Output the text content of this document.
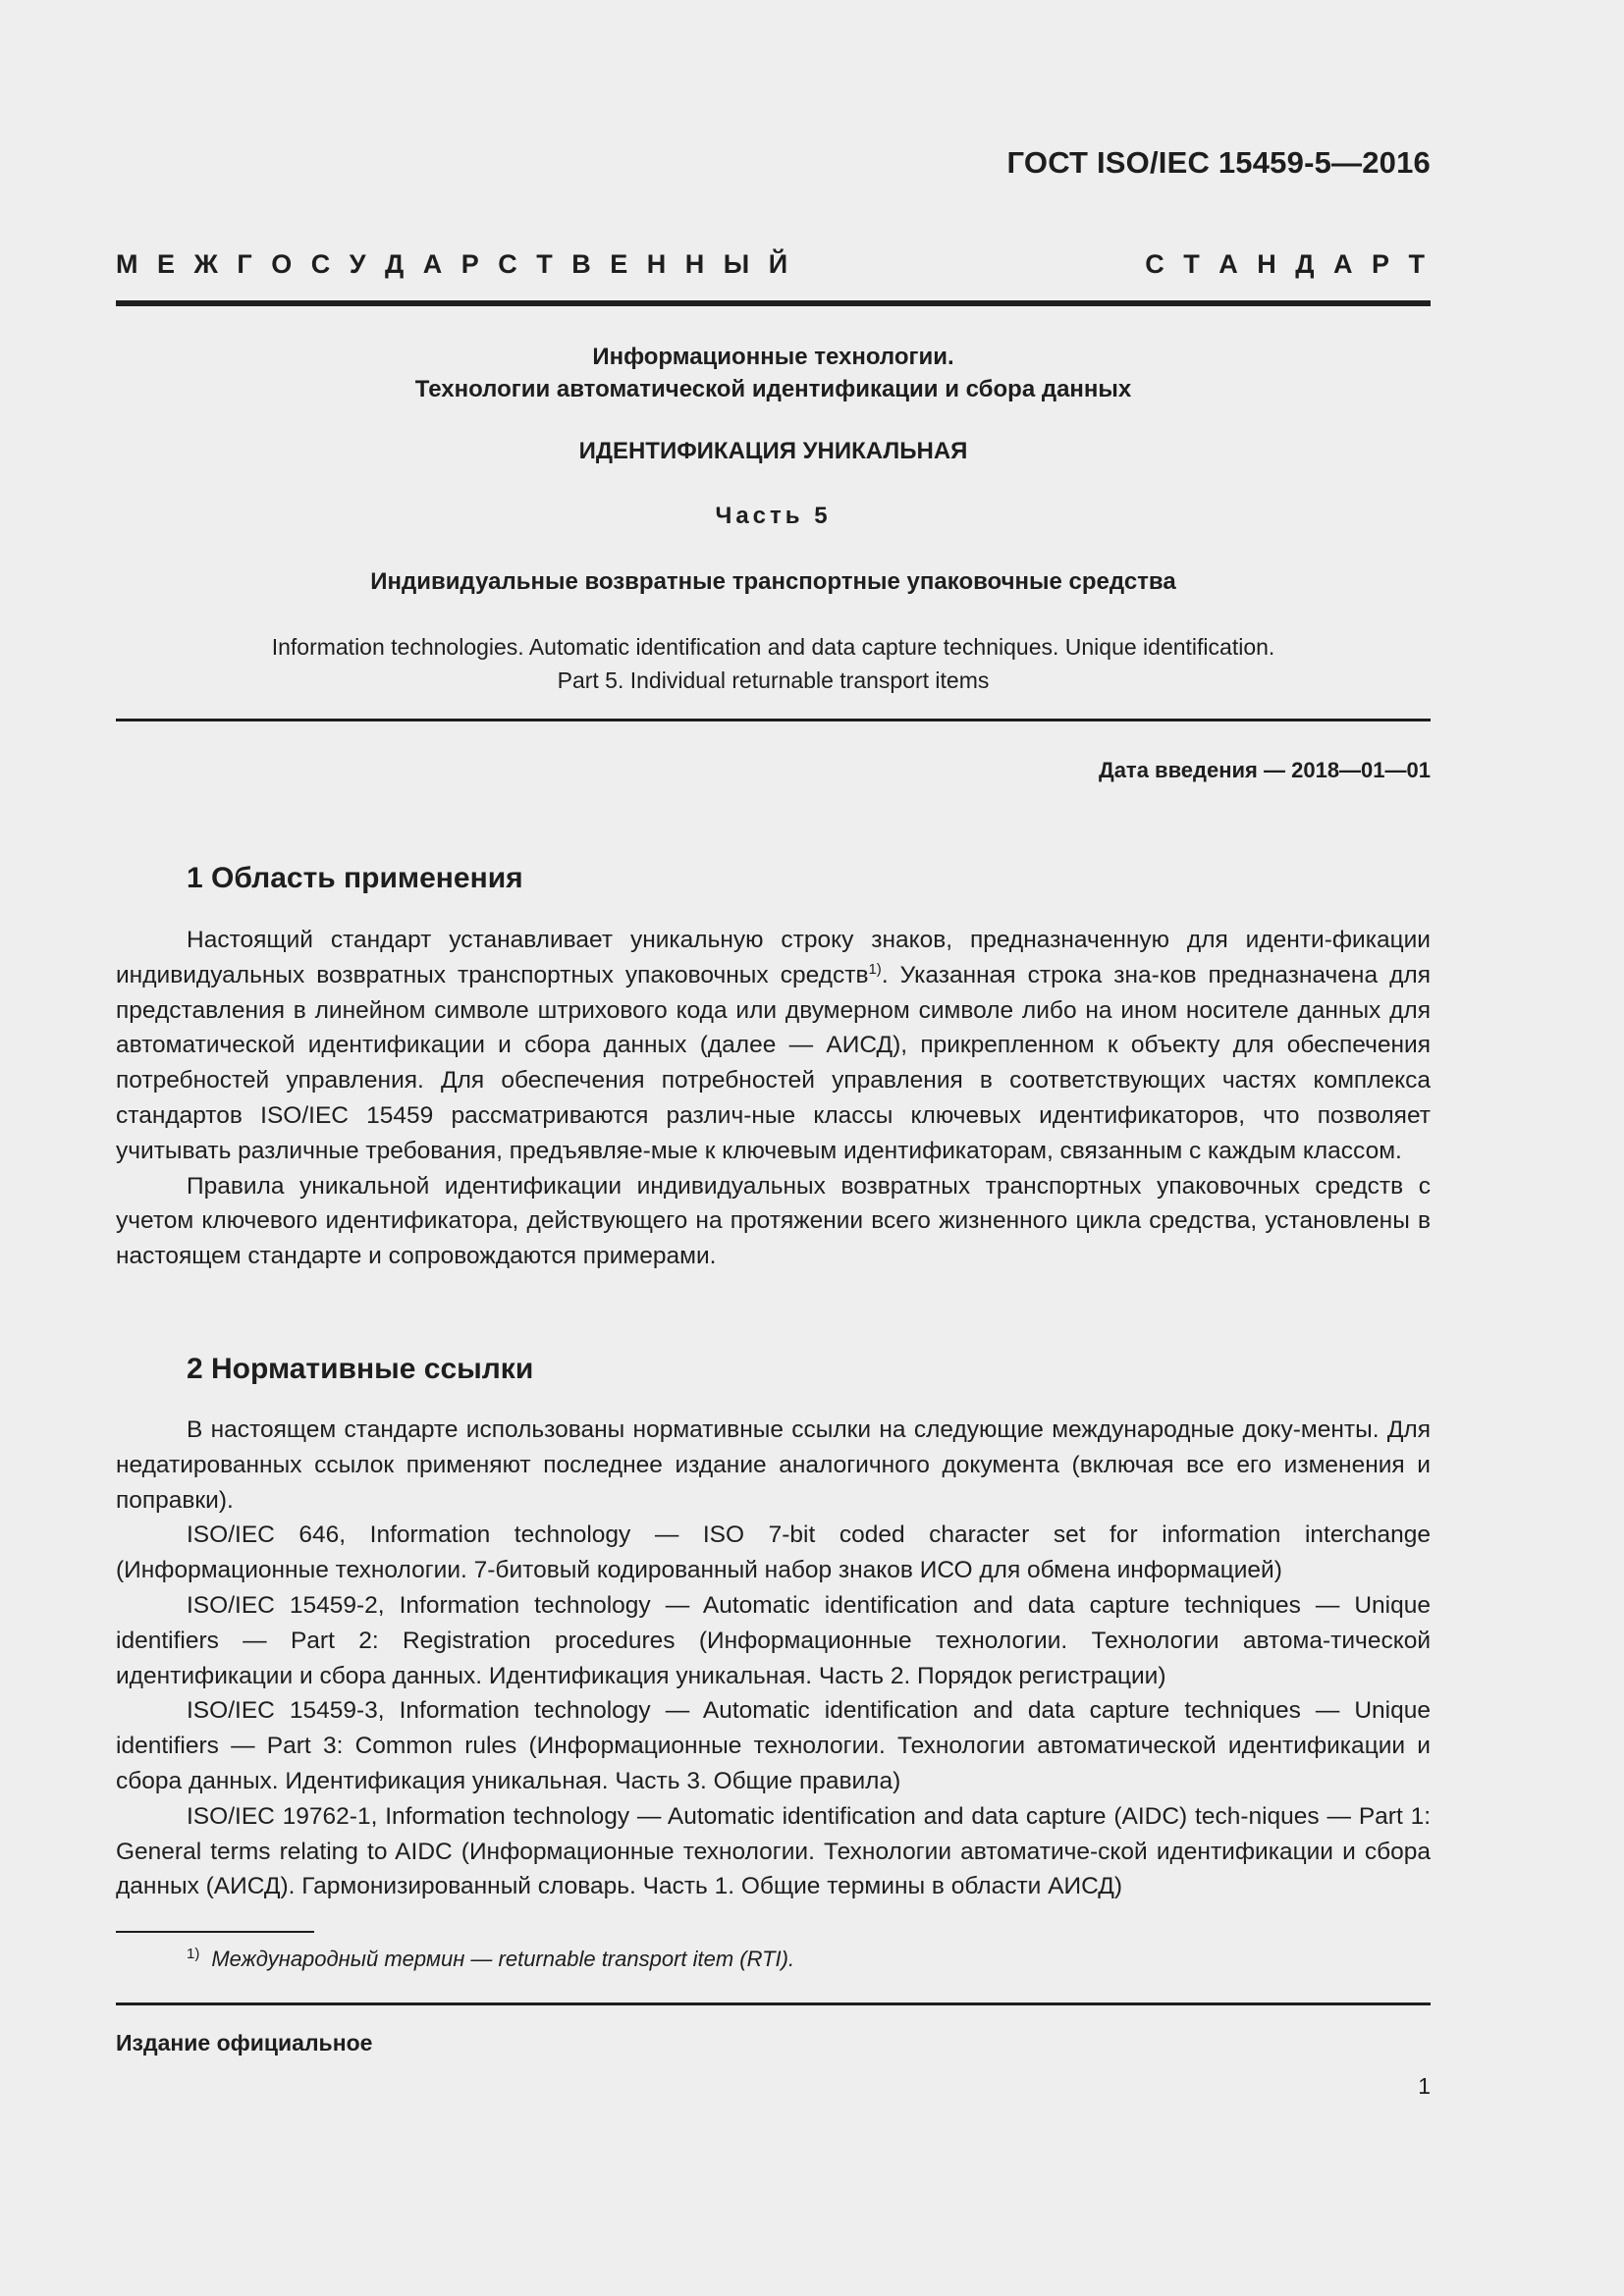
ГОСТ ISO/IEC 15459-5—2016
М Е Ж Г О С У Д А Р С Т В Е Н Н Ы Й	С Т А Н Д А Р Т
Информационные технологии.
Технологии автоматической идентификации и сбора данных
ИДЕНТИФИКАЦИЯ УНИКАЛЬНАЯ
Часть 5
Индивидуальные возвратные транспортные упаковочные средства
Information technologies. Automatic identification and data capture techniques. Unique identification.
Part 5. Individual returnable transport items
Дата введения — 2018—01—01
1 Область применения

Настоящий стандарт устанавливает уникальную строку знаков, предназначенную для иденти-фикации индивидуальных возвратных транспортных упаковочных средств$^{1)}$. Указанная строка зна-ков предназначена для представления в линейном символе штрихового кода или двумерном символе либо на ином носителе данных для автоматической идентификации и сбора данных (далее — АИСД), прикрепленном к объекту для обеспечения потребностей управления. Для обеспечения потребностей управления в соответствующих частях комплекса стандартов ISO/IEC 15459 рассматриваются различ-ные классы ключевых идентификаторов, что позволяет учитывать различные требования, предъявляе-мые к ключевым идентификаторам, связанным с каждым классом.

Правила уникальной идентификации индивидуальных возвратных транспортных упаковочных средств с учетом ключевого идентификатора, действующего на протяжении всего жизненного цикла средства, установлены в настоящем стандарте и сопровождаются примерами.

2 Нормативные ссылки

В настоящем стандарте использованы нормативные ссылки на следующие международные доку-менты. Для недатированных ссылок применяют последнее издание аналогичного документа (включая все его изменения и поправки).

ISO/IEC 646, Information technology — ISO 7-bit coded character set for information interchange (Информационные технологии. 7-битовый кодированный набор знаков ИСО для обмена информацией)

ISO/IEC 15459-2, Information technology — Automatic identification and data capture techniques — Unique identifiers — Part 2: Registration procedures (Информационные технологии. Технологии автома-тической идентификации и сбора данных. Идентификация уникальная. Часть 2. Порядок регистрации)

ISO/IEC 15459-3, Information technology — Automatic identification and data capture techniques — Unique identifiers — Part 3: Common rules (Информационные технологии. Технологии автоматической идентификации и сбора данных. Идентификация уникальная. Часть 3. Общие правила)

ISO/IEC 19762-1, Information technology — Automatic identification and data capture (AIDC) tech-niques — Part 1: General terms relating to AIDC (Информационные технологии. Технологии автоматиче-ской идентификации и сбора данных (АИСД). Гармонизированный словарь. Часть 1. Общие термины в области АИСД)

$^{1)}$ Международный термин — returnable transport item (RTI).
Издание официальное
1
